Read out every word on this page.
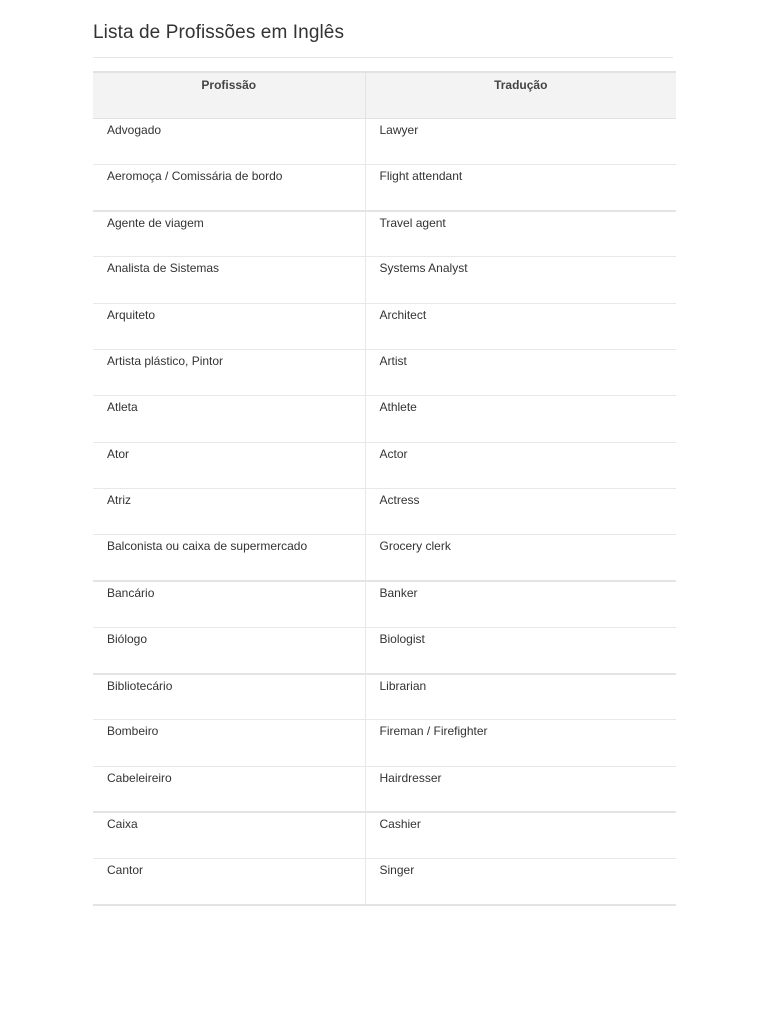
Lista de Profissões em Inglês
Profissão	Tradução
Advogado	Lawyer
Aeromoça / Comissária de bordo	Flight attendant
Agente de viagem	Travel agent
Analista de Sistemas	Systems Analyst
Arquiteto	Architect
Artista plástico, Pintor	Artist
Atleta	Athlete
Ator	Actor
Atriz	Actress
Balconista ou caixa de supermercado	Grocery clerk
Bancário	Banker
Biólogo	Biologist
Bibliotecário	Librarian
Bombeiro	Fireman / Firefighter
Cabeleireiro	Hairdresser
Caixa	Cashier
Cantor	Singer
